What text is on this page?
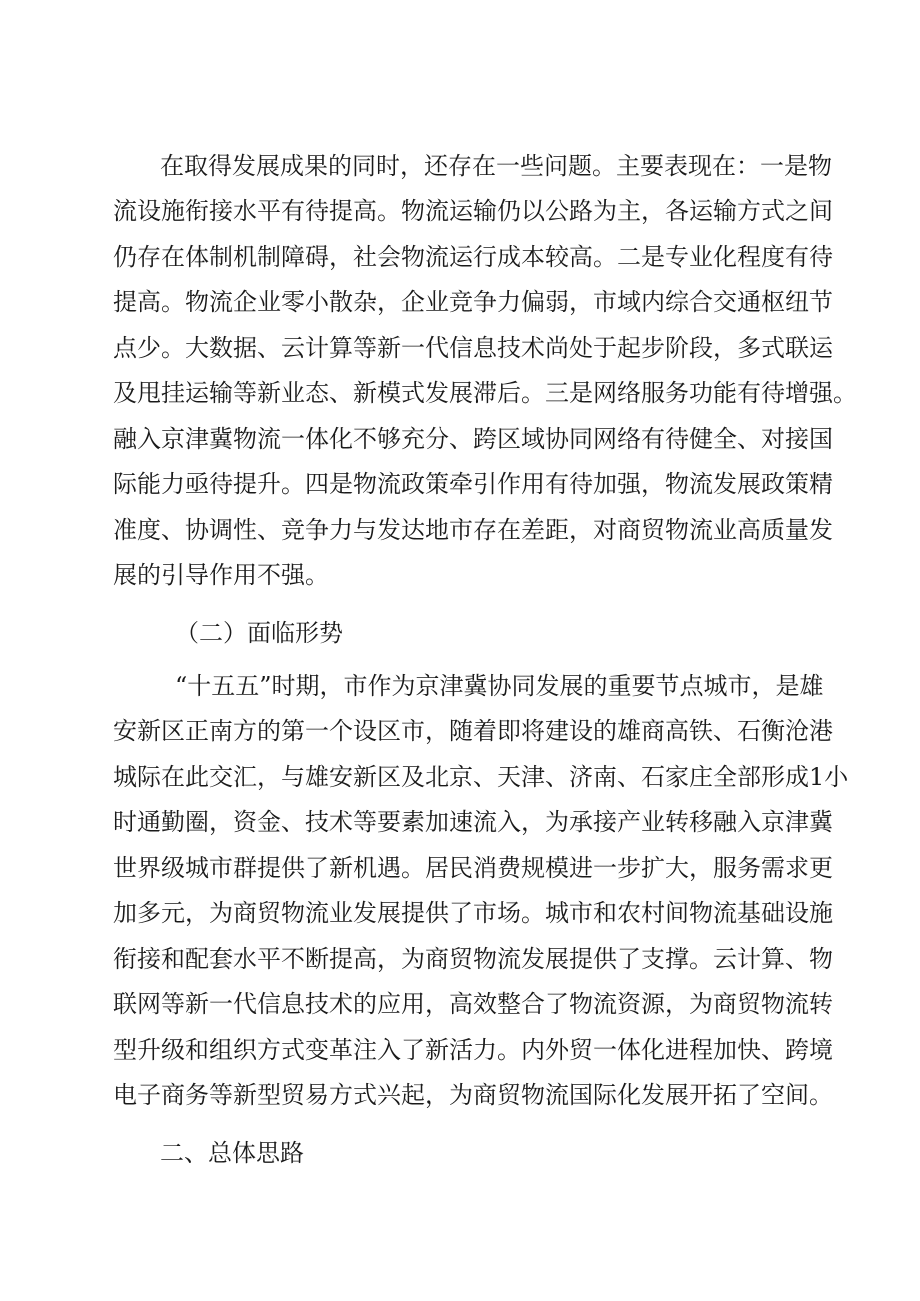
在取得发展成果的同时，还存在一些问题。主要表现在：一是物
流设施衔接水平有待提高。物流运输仍以公路为主，各运输方式之间
仍存在体制机制障碍，社会物流运行成本较高。二是专业化程度有待
提高。物流企业零小散杂，企业竞争力偏弱，市域内综合交通枢纽节
点少。大数据、云计算等新一代信息技术尚处于起步阶段，多式联运
及甩挂运输等新业态、新模式发展滞后。三是网络服务功能有待增强。
融入京津冀物流一体化不够充分、跨区域协同网络有待健全、对接国
际能力亟待提升。四是物流政策牵引作用有待加强，物流发展政策精
准度、协调性、竞争力与发达地市存在差距，对商贸物流业高质量发
展的引导作用不强。
（二）面临形势
“十五五”时期，市作为京津冀协同发展的重要节点城市，是雄
安新区正南方的第一个设区市，随着即将建设的雄商高铁、石衡沧港
城际在此交汇，与雄安新区及北京、天津、济南、石家庄全部形成1小
时通勤圈，资金、技术等要素加速流入，为承接产业转移融入京津冀
世界级城市群提供了新机遇。居民消费规模进一步扩大，服务需求更
加多元，为商贸物流业发展提供了市场。城市和农村间物流基础设施
衔接和配套水平不断提高，为商贸物流发展提供了支撑。云计算、物
联网等新一代信息技术的应用，高效整合了物流资源，为商贸物流转
型升级和组织方式变革注入了新活力。内外贸一体化进程加快、跨境
电子商务等新型贸易方式兴起，为商贸物流国际化发展开拓了空间。
二、总体思路
